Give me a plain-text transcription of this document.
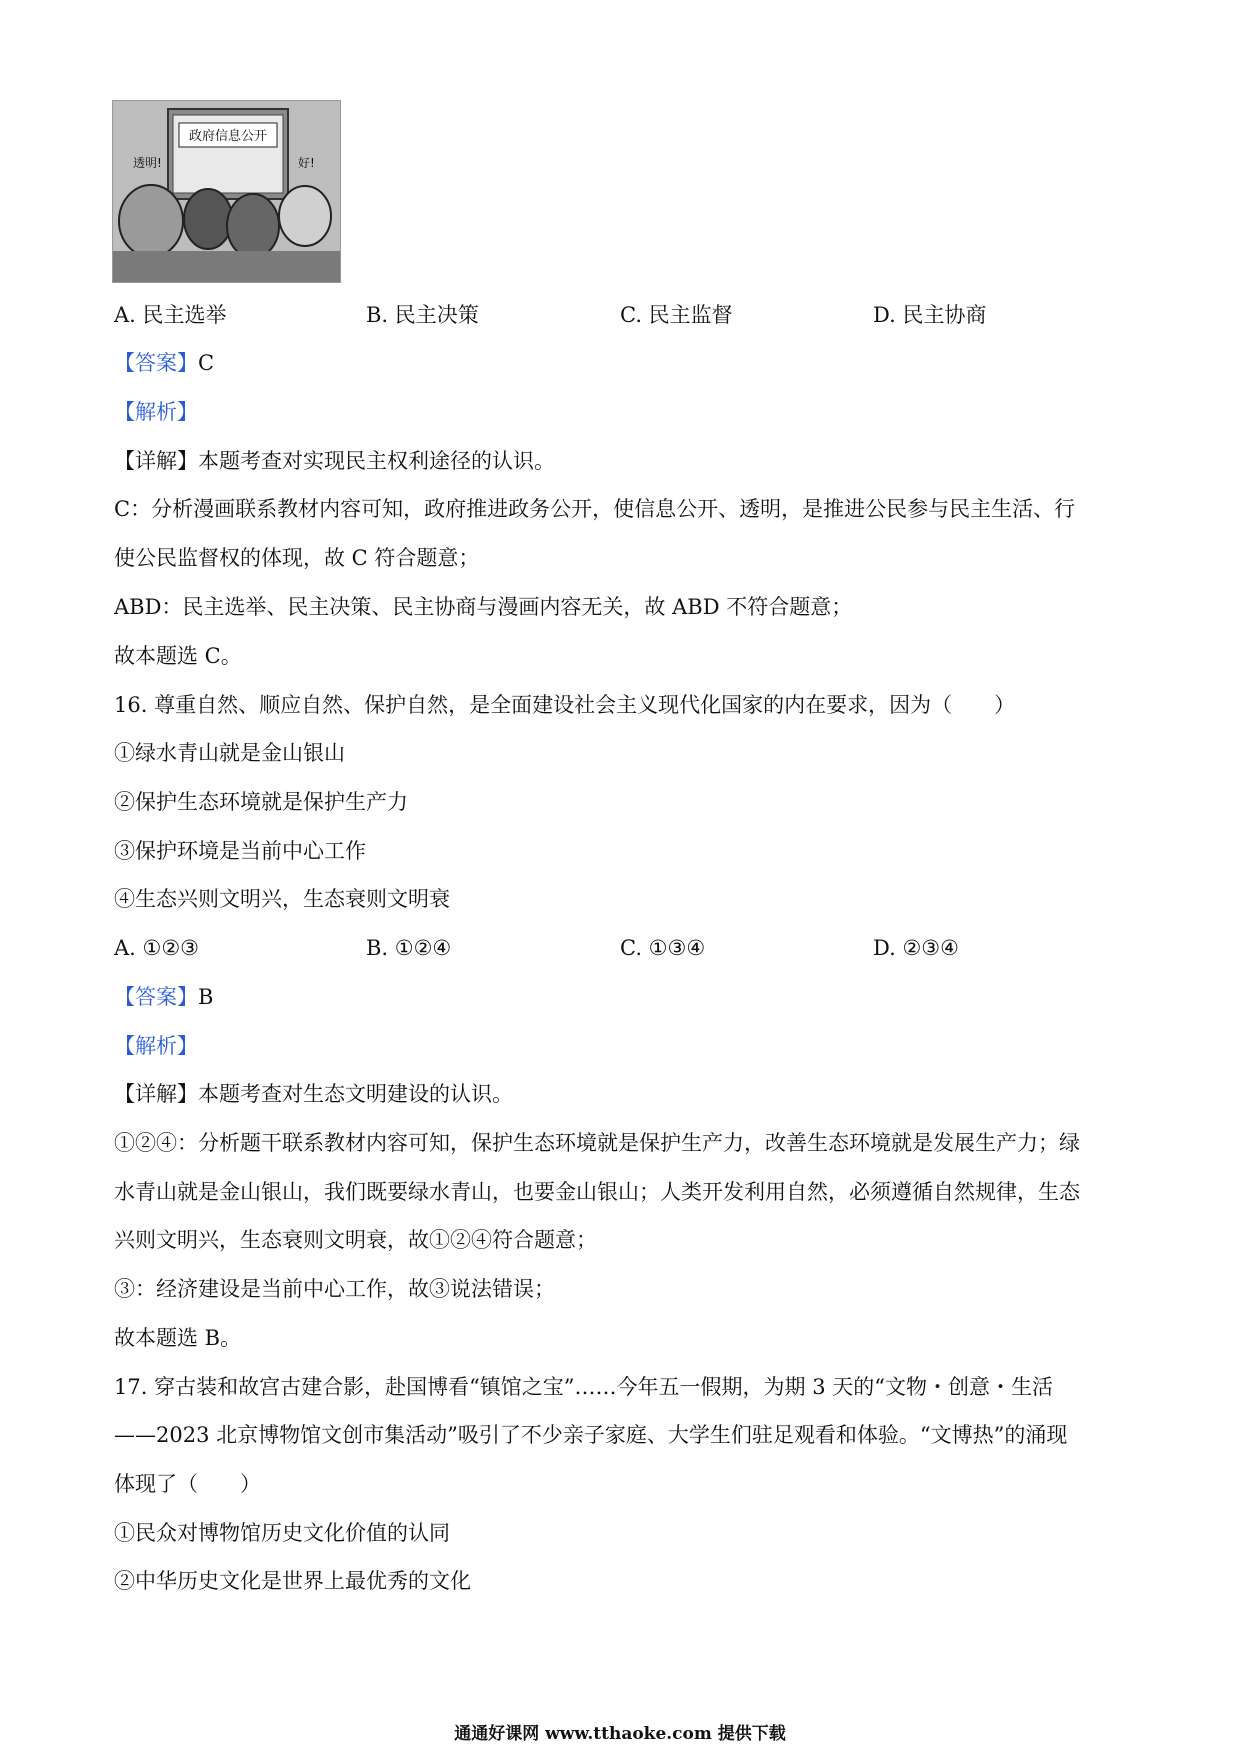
政府信息公开
透明!	好!
A. 民主选举	B. 民主决策	C. 民主监督	D. 民主协商
【答案】C
【解析】
【详解】本题考查对实现民主权利途径的认识。
C：分析漫画联系教材内容可知，政府推进政务公开，使信息公开、透明，是推进公民参与民主生活、行
使公民监督权的体现，故 C 符合题意；
ABD：民主选举、民主决策、民主协商与漫画内容无关，故 ABD 不符合题意；
故本题选 C。
16. 尊重自然、顺应自然、保护自然，是全面建设社会主义现代化国家的内在要求，因为（　　）
①绿水青山就是金山银山
②保护生态环境就是保护生产力
③保护环境是当前中心工作
④生态兴则文明兴，生态衰则文明衰
A. ①②③	B. ①②④	C. ①③④	D. ②③④
【答案】B
【解析】
【详解】本题考查对生态文明建设的认识。
①②④：分析题干联系教材内容可知，保护生态环境就是保护生产力，改善生态环境就是发展生产力；绿
水青山就是金山银山，我们既要绿水青山，也要金山银山；人类开发利用自然，必须遵循自然规律，生态
兴则文明兴，生态衰则文明衰，故①②④符合题意；
③：经济建设是当前中心工作，故③说法错误；
故本题选 B。
17. 穿古装和故宫古建合影，赴国博看“镇馆之宝”……今年五一假期，为期 3 天的“文物・创意・生活
——2023 北京博物馆文创市集活动”吸引了不少亲子家庭、大学生们驻足观看和体验。“文博热”的涌现
体现了（　　）
①民众对博物馆历史文化价值的认同
②中华历史文化是世界上最优秀的文化
通通好课网 www.tthaoke.com 提供下载
